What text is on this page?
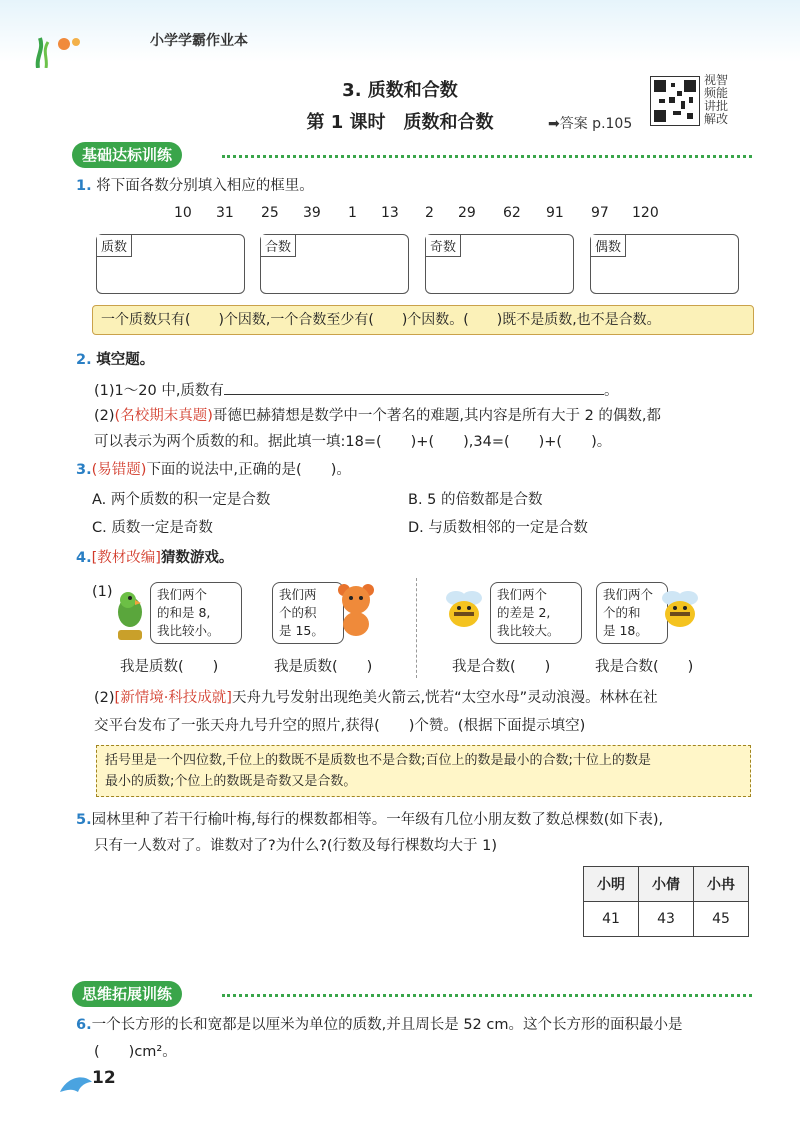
小学学霸作业本
3. 质数和合数
第 1 课时　质数和合数	➡答案 p.105
视智
频能
讲批
解改
基础达标训练
1. 将下面各数分别填入相应的框里。
10 31 25 39 1 13 2 29 62 91 97 120
质数	合数	奇数	偶数
一个质数只有(　　)个因数,一个合数至少有(　　)个因数。(　　)既不是质数,也不是合数。
2. 填空题。
(1)1～20 中,质数有	。
(2)(名校期末真题)哥德巴赫猜想是数学中一个著名的难题,其内容是所有大于 2 的偶数,都
可以表示为两个质数的和。据此填一填:18=(　　)+(　　),34=(　　)+(　　)。
3.(易错题)下面的说法中,正确的是(　　)。
A. 两个质数的积一定是合数	B. 5 的倍数都是合数
C. 质数一定是奇数	D. 与质数相邻的一定是合数
4.[教材改编]猜数游戏。
(1)	我们两个
的和是 8,
我比较小。
我们两
个的积
是 15。
我们两个
的差是 2,
我比较大。
我们两个
个的和
是 18。
我是质数(　　)	我是质数(　　)	我是合数(　　)	我是合数(　　)
(2)[新情境·科技成就]天舟九号发射出现绝美火箭云,恍若“太空水母”灵动浪漫。林林在社
交平台发布了一张天舟九号升空的照片,获得(　　)个赞。(根据下面提示填空)
括号里是一个四位数,千位上的数既不是质数也不是合数;百位上的数是最小的合数;十位上的数是
最小的质数;个位上的数既是奇数又是合数。
5.园林里种了若干行榆叶梅,每行的棵数都相等。一年级有几位小朋友数了数总棵数(如下表),
只有一人数对了。谁数对了?为什么?(行数及每行棵数均大于 1)
小明	小倩	小冉
41	43	45
思维拓展训练
6.一个长方形的长和宽都是以厘米为单位的质数,并且周长是 52 cm。这个长方形的面积最小是
(　　)cm²。
12
